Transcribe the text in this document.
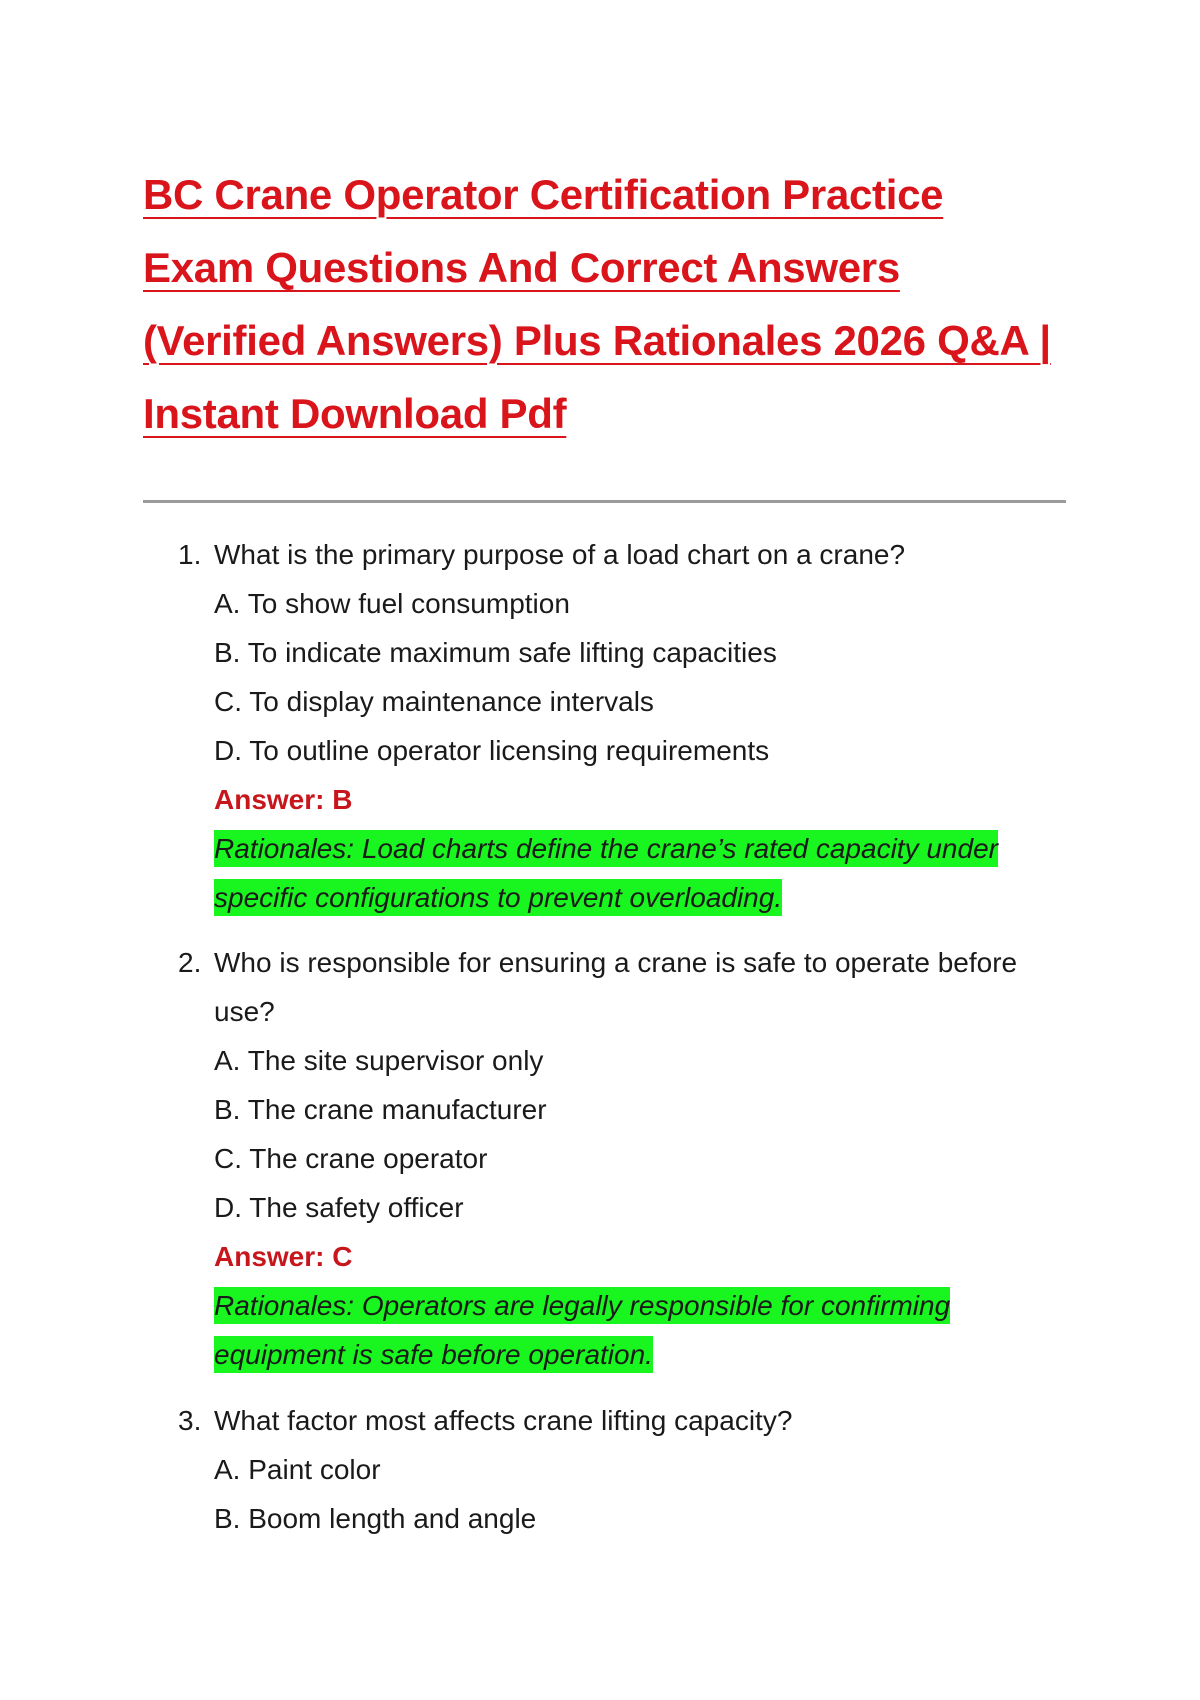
BC Crane Operator Certification Practice Exam Questions And Correct Answers (Verified Answers) Plus Rationales 2026 Q&A | Instant Download Pdf
1. What is the primary purpose of a load chart on a crane?

A. To show fuel consumption

B. To indicate maximum safe lifting capacities

C. To display maintenance intervals

D. To outline operator licensing requirements

Answer: B

Rationales: Load charts define the crane’s rated capacity under specific configurations to prevent overloading.

2. Who is responsible for ensuring a crane is safe to operate before use?

A. The site supervisor only

B. The crane manufacturer

C. The crane operator

D. The safety officer

Answer: C

Rationales: Operators are legally responsible for confirming equipment is safe before operation.

3. What factor most affects crane lifting capacity?

A. Paint color

B. Boom length and angle
